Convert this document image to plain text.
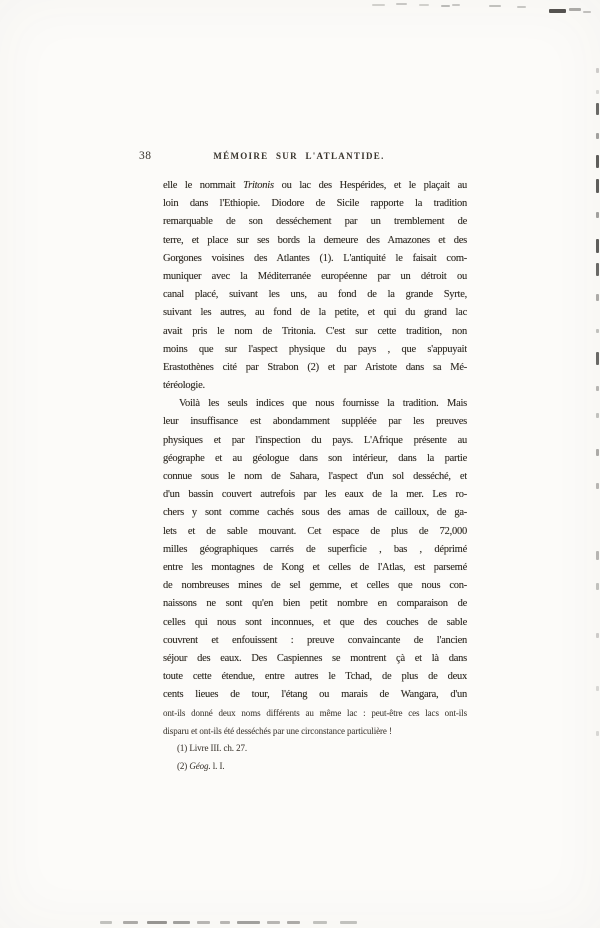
38	MÉMOIRE SUR L'ATLANTIDE.
elle le nommait Tritonis ou lac des Hespérides, et le plaçait au
loin dans l'Ethiopie. Diodore de Sicile rapporte la tradition
remarquable de son desséchement par un tremblement de
terre, et place sur ses bords la demeure des Amazones et des
Gorgones voisines des Atlantes (1). L'antiquité le faisait com-
muniquer avec la Méditerranée européenne par un détroit ou
canal placé, suivant les uns, au fond de la grande Syrte,
suivant les autres, au fond de la petite, et qui du grand lac
avait pris le nom de Tritonia. C'est sur cette tradition, non
moins que sur l'aspect physique du pays , que s'appuyait
Erastothènes cité par Strabon (2) et par Aristote dans sa Mé-
téréologie.
Voilà les seuls indices que nous fournisse la tradition. Mais
leur insuffisance est abondamment suppléée par les preuves
physiques et par l'inspection du pays. L'Afrique présente au
géographe et au géologue dans son intérieur, dans la partie
connue sous le nom de Sahara, l'aspect d'un sol desséché, et
d'un bassin couvert autrefois par les eaux de la mer. Les ro-
chers y sont comme cachés sous des amas de cailloux, de ga-
lets et de sable mouvant. Cet espace de plus de 72,000
milles géographiques carrés de superficie , bas , déprimé
entre les montagnes de Kong et celles de l'Atlas, est parsemé
de nombreuses mines de sel gemme, et celles que nous con-
naissons ne sont qu'en bien petit nombre en comparaison de
celles qui nous sont inconnues, et que des couches de sable
couvrent et enfouissent : preuve convaincante de l'ancien
séjour des eaux. Des Caspiennes se montrent çà et là dans
toute cette étendue, entre autres le Tchad, de plus de deux
cents lieues de tour, l'étang ou marais de Wangara, d'un
ont-ils donné deux noms différents au même lac : peut-être ces lacs ont-ils
disparu et ont-ils été desséchés par une circonstance particulière !
(1) Livre III. ch. 27.
(2) Géog. l. I.
